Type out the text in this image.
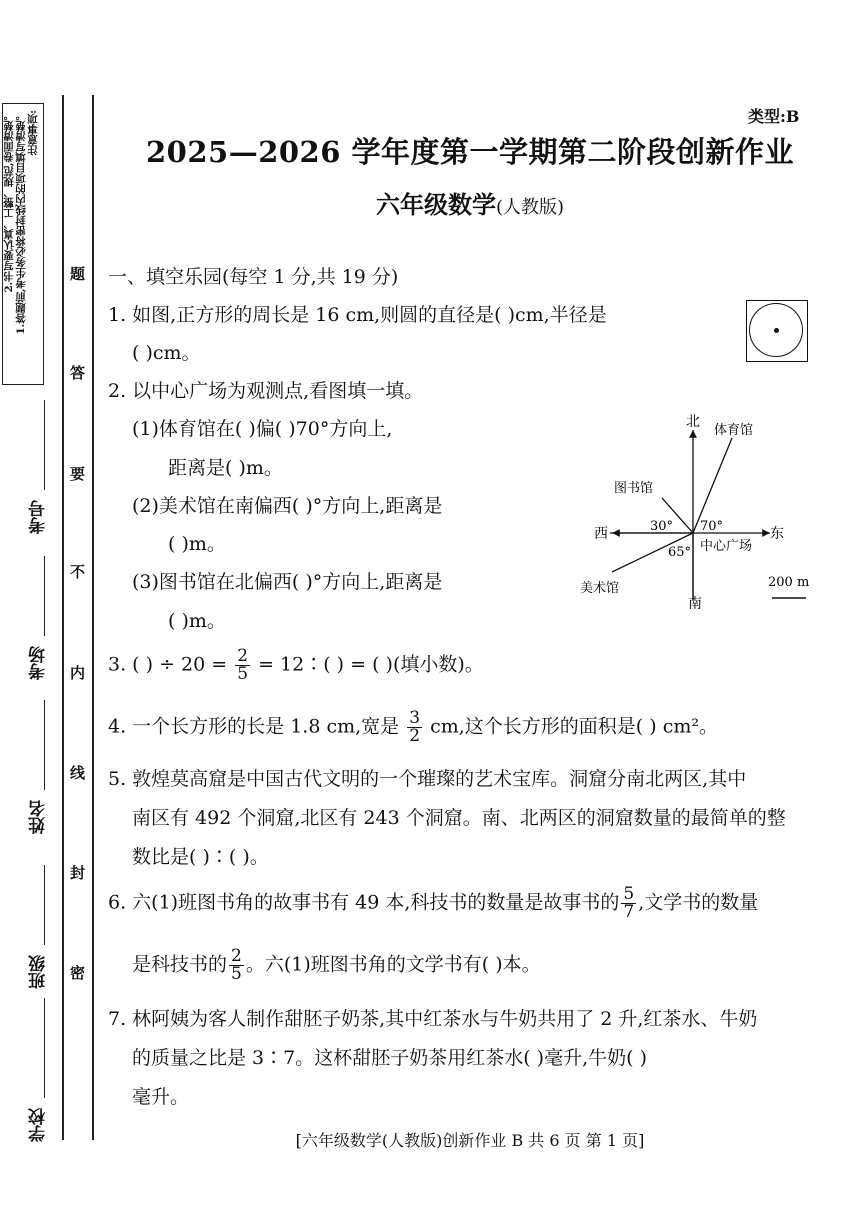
注意事项:
1.答题前,考生务必将密封线内的项目填写清楚。
2.书写要认真、工整、规范,卷面清楚。	题
答
要
不
内
线
封
密
考号
考场
姓名
班级
学校
类型:B
2025—2026 学年度第一学期第二阶段创新作业
六年级数学(人教版)
一、填空乐园(每空 1 分,共 19 分)
1. 如图,正方形的周长是 16 cm,则圆的直径是( )cm,半径是
( )cm。
2. 以中心广场为观测点,看图填一填。
(1)体育馆在( )偏( )70°方向上,
距离是( )m。
(2)美术馆在南偏西( )°方向上,距离是
( )m。
(3)图书馆在北偏西( )°方向上,距离是
( )m。
北
南
西	东
中心广场
体育馆
图书馆
美术馆
70°
30°
65°
200 m
3. ( ) ÷ $20 = \frac{2}{5}$ = 12∶( ) = ( )(填小数)。
4. 一个长方形的长是 1.8 cm,宽是 $\frac{3}{2}$ cm,这个长方形的面积是( ) cm²。
5. 敦煌莫高窟是中国古代文明的一个璀璨的艺术宝库。洞窟分南北两区,其中
南区有 492 个洞窟,北区有 243 个洞窟。南、北两区的洞窟数量的最简单的整
数比是( )∶( )。
6. 六(1)班图书角的故事书有 49 本,科技书的数量是故事书的 $\frac{5}{7}$ ,文学书的数量
是科技书的 $\frac{2}{5}$ 。六(1)班图书角的文学书有( )本。
7. 林阿姨为客人制作甜胚子奶茶,其中红茶水与牛奶共用了 2 升,红茶水、牛奶
的质量之比是 3∶7。这杯甜胚子奶茶用红茶水( )毫升,牛奶( )
毫升。
[六年级数学(人教版)创新作业 B 共 6 页 第 1 页]
